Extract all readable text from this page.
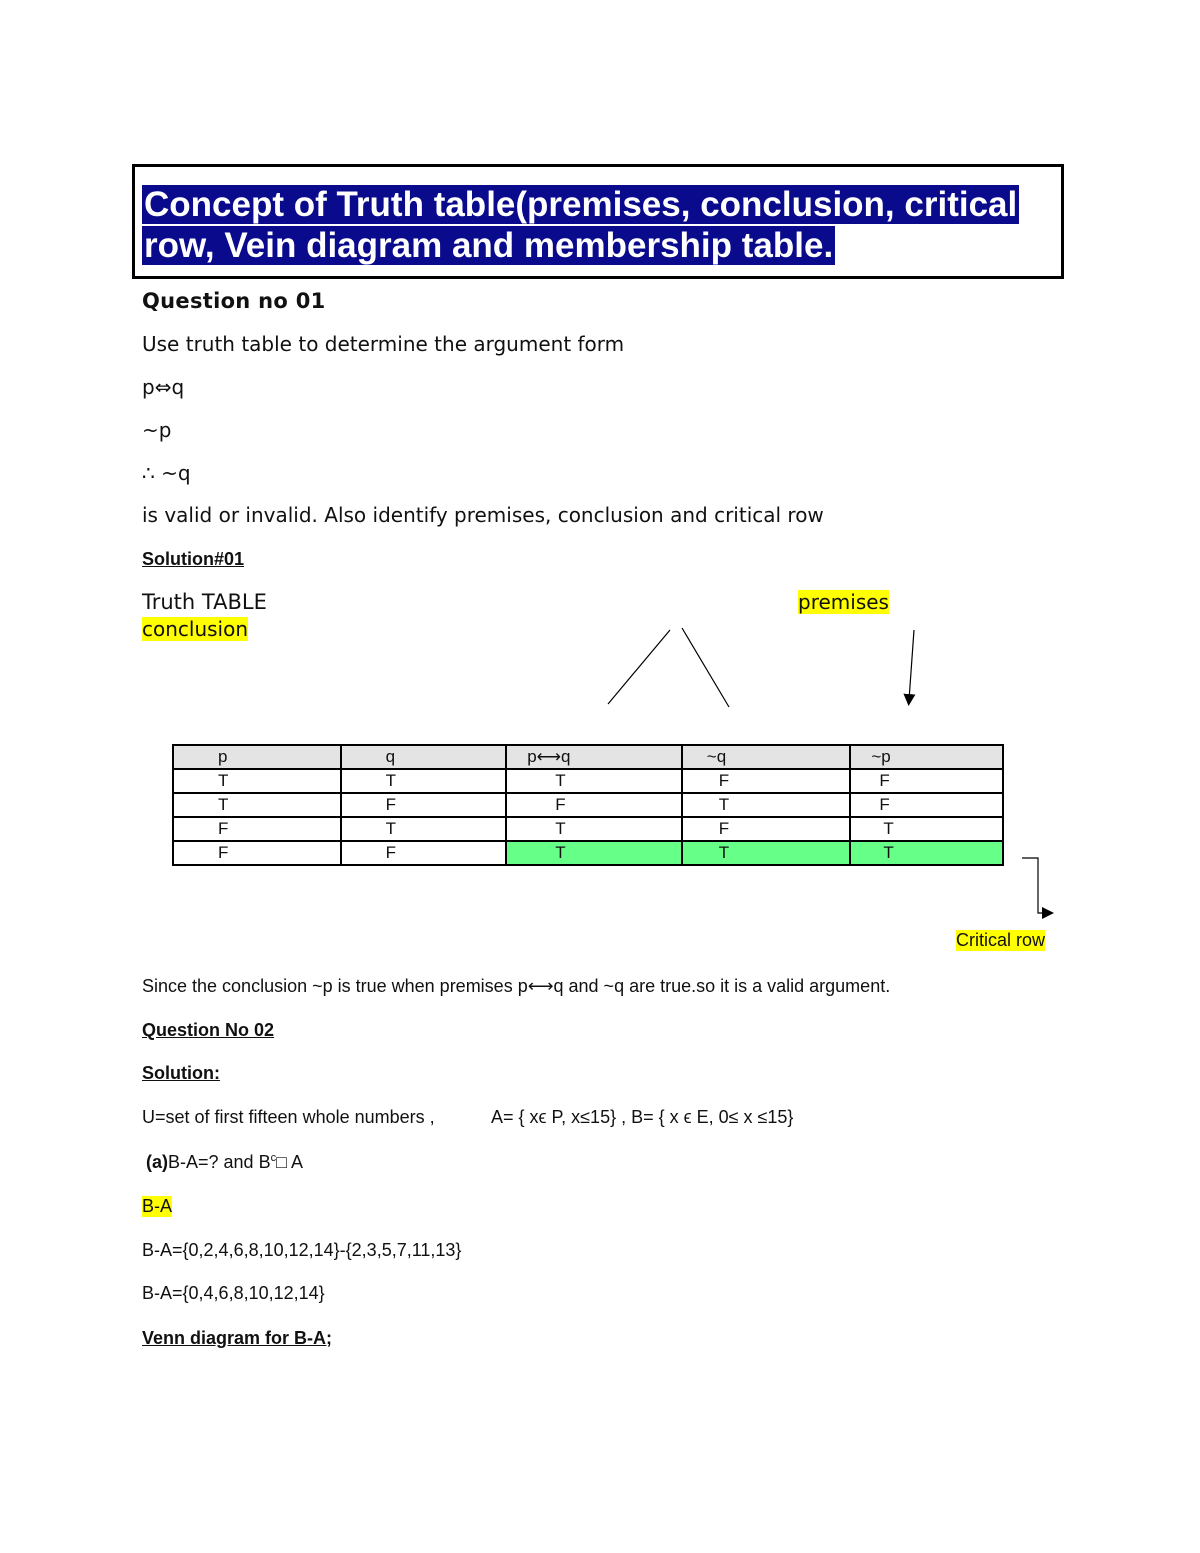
Concept of Truth table(premises, conclusion, critical
row, Vein diagram and membership table.
Question no 01
Use truth table to determine the argument form
p⇔q
~p
∴ ~q
is valid or invalid. Also identify premises, conclusion and critical row
Solution#01
Truth TABLE	premises
conclusion
p	q	p⟷q	~q	~p
T	T	T	F	F
T	F	F	T	F
F	T	T	F	T
F	F	T	T	T
Critical row
Since the conclusion ~p is true when premises p⟷q and ~q are true.so it is a valid argument.
Question No 02
Solution:
U=set of first fifteen whole numbers ,	A= { xϵ P, x≤15} , B= { x ϵ E, 0≤ x ≤15}
(a)B-A=? and $B^c□$ A
B-A
B-A={0,2,4,6,8,10,12,14}-{2,3,5,7,11,13}
B-A={0,4,6,8,10,12,14}
Venn diagram for B-A;
